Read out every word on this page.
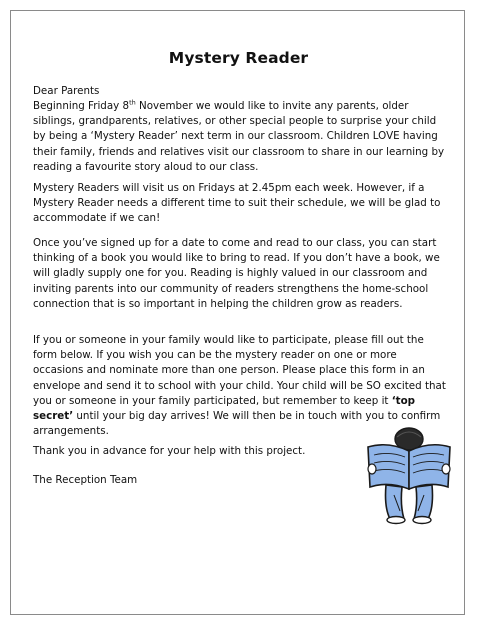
Mystery Reader

Dear Parents

Beginning Friday 8th November we would like to invite any parents, older siblings, grandparents, relatives, or other special people to surprise your child by being a ‘Mystery Reader’ next term in our classroom. Children LOVE having their family, friends and relatives visit our classroom to share in our learning by reading a favourite story aloud to our class.

Mystery Readers will visit us on Fridays at 2.45pm each week. However, if a Mystery Reader needs a different time to suit their schedule, we will be glad to accommodate if we can!

Once you’ve signed up for a date to come and read to our class, you can start thinking of a book you would like to bring to read. If you don’t have a book, we will gladly supply one for you. Reading is highly valued in our classroom and inviting parents into our community of readers strengthens the home-school connection that is so important in helping the children grow as readers.

If you or someone in your family would like to participate, please fill out the form below. If you wish you can be the mystery reader on one or more occasions and nominate more than one person. Please place this form in an envelope and send it to school with your child. Your child will be SO excited that you or someone in your family participated, but remember to keep it ‘top secret’ until your big day arrives! We will then be in touch with you to confirm arrangements.

Thank you in advance for your help with this project.

The Reception Team
